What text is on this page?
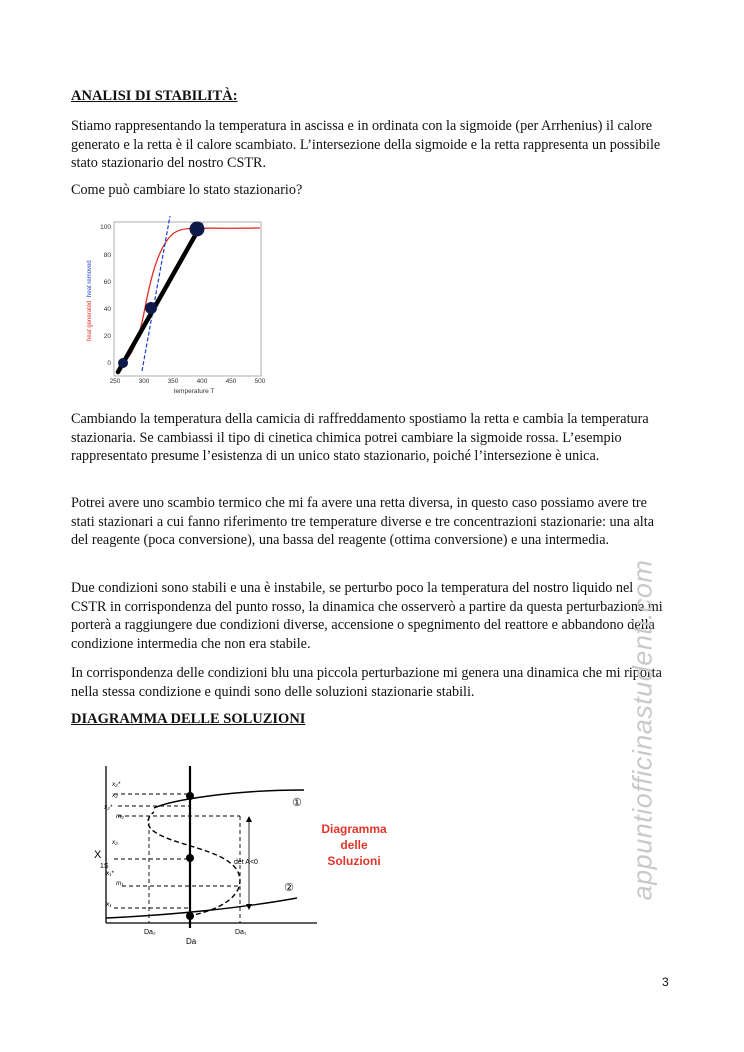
ANALISI DI STABILITÀ:

Stiamo rappresentando la temperatura in ascissa e in ordinata con la sigmoide (per Arrhenius) il calore generato e la retta è il calore scambiato. L’intersezione della sigmoide e la retta rappresenta un possibile stato stazionario del nostro CSTR.

Come può cambiare lo stato stazionario?

100
80
60
40
20
0
250	300	350	400	450	500
temperature T
heat generated
heat removed

Cambiando la temperatura della camicia di raffreddamento spostiamo la retta e cambia la temperatura stazionaria. Se cambiassi il tipo di cinetica chimica potrei cambiare la sigmoide rossa. L’esempio rappresentato presume l’esistenza di un unico stato stazionario, poiché l’intersezione è unica.

Potrei avere uno scambio termico che mi fa avere una retta diversa, in questo caso possiamo avere tre stati stazionari a cui fanno riferimento tre temperature diverse e tre concentrazioni stazionarie: una alta del reagente (poca conversione), una bassa del reagente (ottima conversione) e una intermedia.

Due condizioni sono stabili e una è instabile, se perturbo poco la temperatura del nostro liquido nel CSTR in corrispondenza del punto rosso, la dinamica che osserverò a partire da questa perturbazione mi porterà a raggiungere due condizioni diverse, accensione o spegnimento del reattore e abbandono della condizione intermedia che non era stabile.

In corrispondenza delle condizioni blu una piccola perturbazione mi genera una dinamica che mi riporta nella stessa condizione e quindi sono delle soluzioni stazionarie stabili.

DIAGRAMMA DELLE SOLUZIONI
X
1S
x₂*
x₂
x₂*
m₂
x₂
x₁*
m₁
x₁
det A<0
Da₂
Da
Da₁
①
②
Diagramma
delle
Soluzioni	appuntiofficinastudenti.com
3
